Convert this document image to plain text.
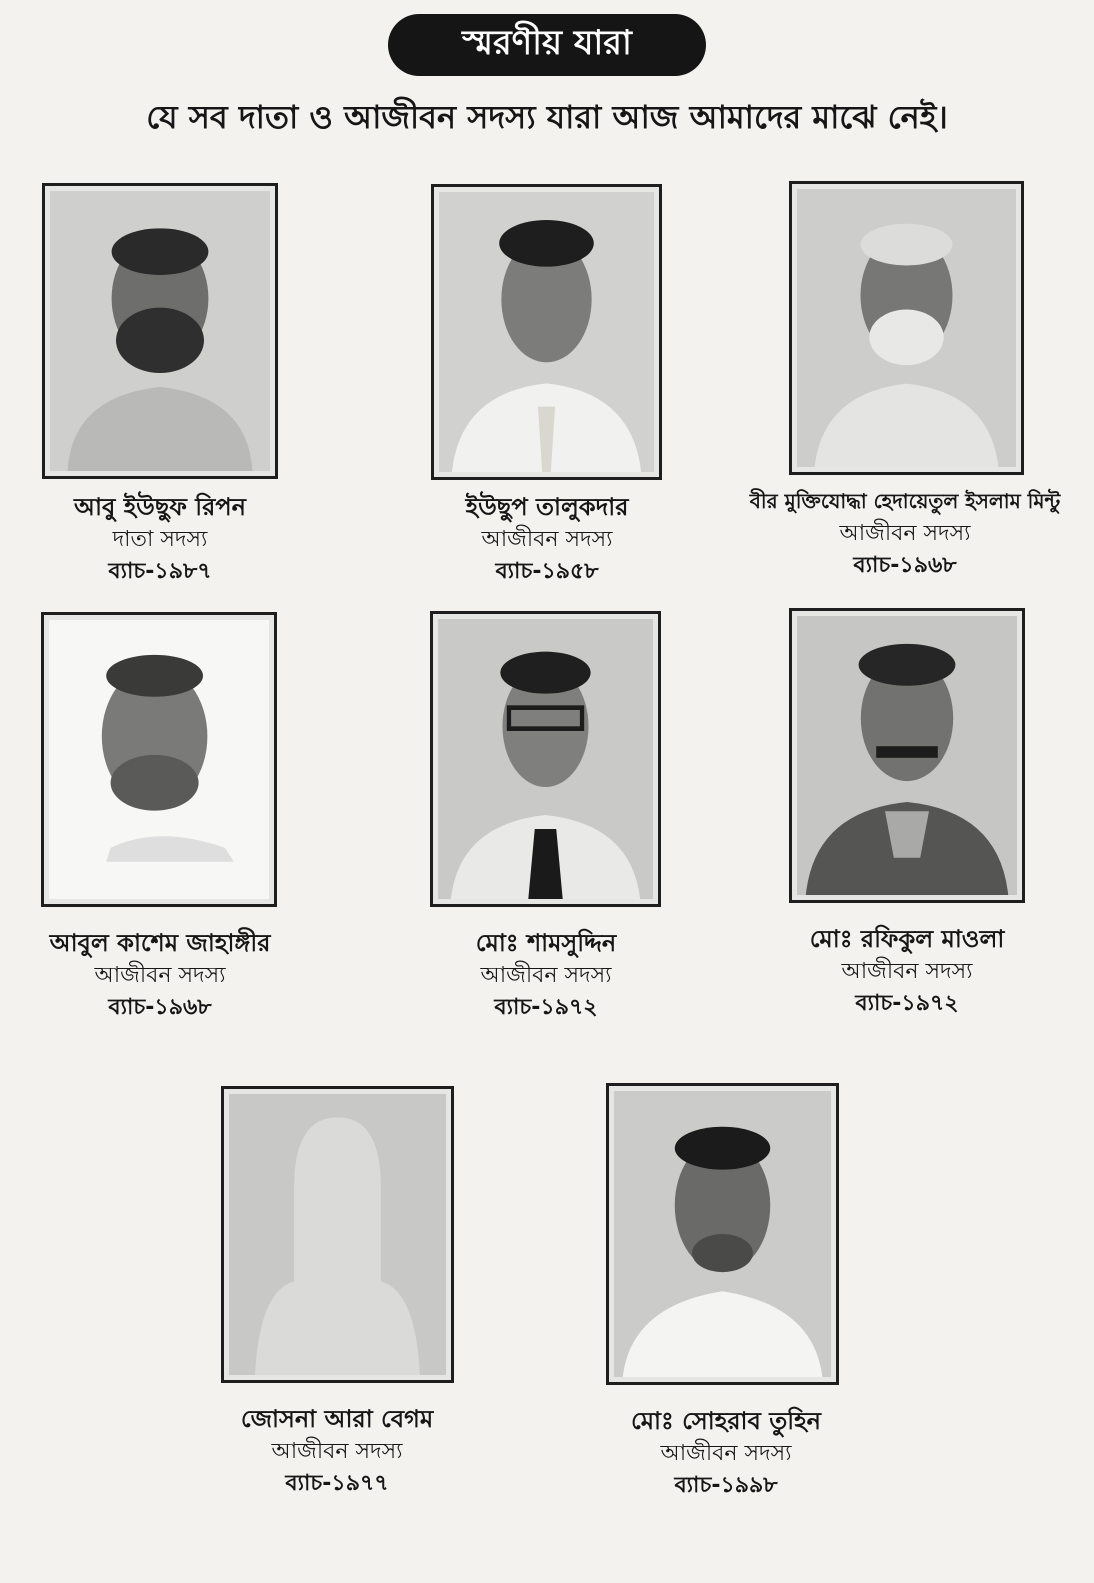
স্মরণীয় যারা
যে সব দাতা ও আজীবন সদস্য যারা আজ আমাদের মাঝে নেই।
আবু ইউছুফ রিপন
দাতা সদস্য
ব্যাচ-১৯৮৭
ইউছুপ তালুকদার
আজীবন সদস্য
ব্যাচ-১৯৫৮
বীর মুক্তিযোদ্ধা হেদায়েতুল ইসলাম মিন্টু
আজীবন সদস্য
ব্যাচ-১৯৬৮
আবুল কাশেম জাহাঙ্গীর
আজীবন সদস্য
ব্যাচ-১৯৬৮
মোঃ শামসুদ্দিন
আজীবন সদস্য
ব্যাচ-১৯৭২
মোঃ রফিকুল মাওলা
আজীবন সদস্য
ব্যাচ-১৯৭২
জোসনা আরা বেগম
আজীবন সদস্য
ব্যাচ-১৯৭৭
মোঃ সোহরাব তুহিন
আজীবন সদস্য
ব্যাচ-১৯৯৮
